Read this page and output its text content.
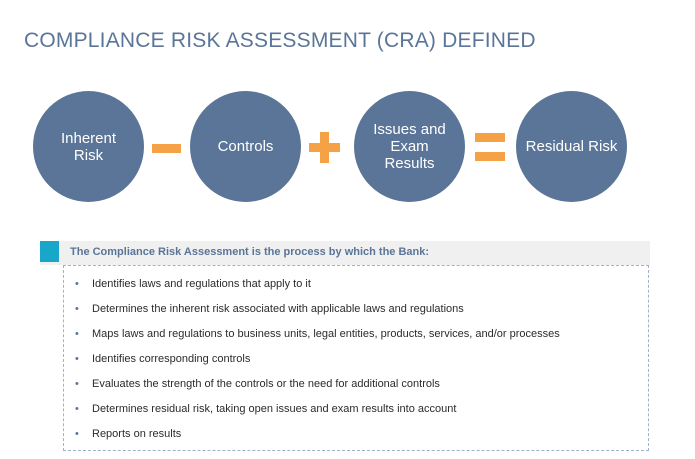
COMPLIANCE RISK ASSESSMENT (CRA) DEFINED
Inherent
Risk	Controls
Issues and
Exam
Results
Residual Risk
The Compliance Risk Assessment is the process by which the Bank:
• Identifies laws and regulations that apply to it
• Determines the inherent risk associated with applicable laws and regulations
• Maps laws and regulations to business units, legal entities, products, services, and/or processes
• Identifies corresponding controls
• Evaluates the strength of the controls or the need for additional controls
• Determines residual risk, taking open issues and exam results into account
• Reports on results
